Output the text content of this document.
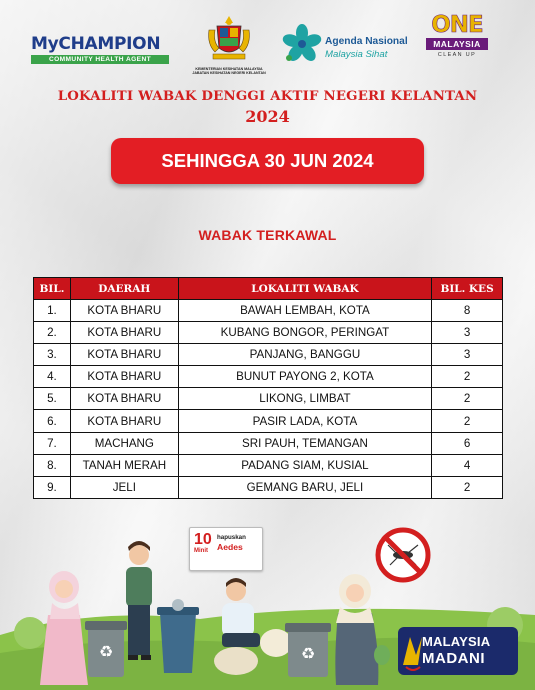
MyCHAMPION
COMMUNITY HEALTH AGENT
KEMENTERIAN KESIHATAN MALAYSIA
JABATAN KESIHATAN NEGERI KELANTAN
Agenda Nasional
Malaysia Sihat
ONE
MALAYSIA
CLEAN UP
LOKALITI WABAK DENGGI AKTIF NEGERI KELANTAN
2024
SEHINGGA 30 JUN 2024
WABAK TERKAWAL
BIL.	DAERAH	LOKALITI WABAK	BIL. KES
1.	KOTA BHARU	BAWAH LEMBAH, KOTA	8
2.	KOTA BHARU	KUBANG BONGOR, PERINGAT	3
3.	KOTA BHARU	PANJANG, BANGGU	3
4.	KOTA BHARU	BUNUT PAYONG 2, KOTA	2
5.	KOTA BHARU	LIKONG, LIMBAT	2
6.	KOTA BHARU	PASIR LADA, KOTA	2
7.	MACHANG	SRI PAUH, TEMANGAN	6
8.	TANAH MERAH	PADANG SIAM, KUSIAL	4
9.	JELI	GEMANG BARU, JELI	2
♻	♻
10
Minit
hapuskan
Aedes
MALAYSIA
MADANI
